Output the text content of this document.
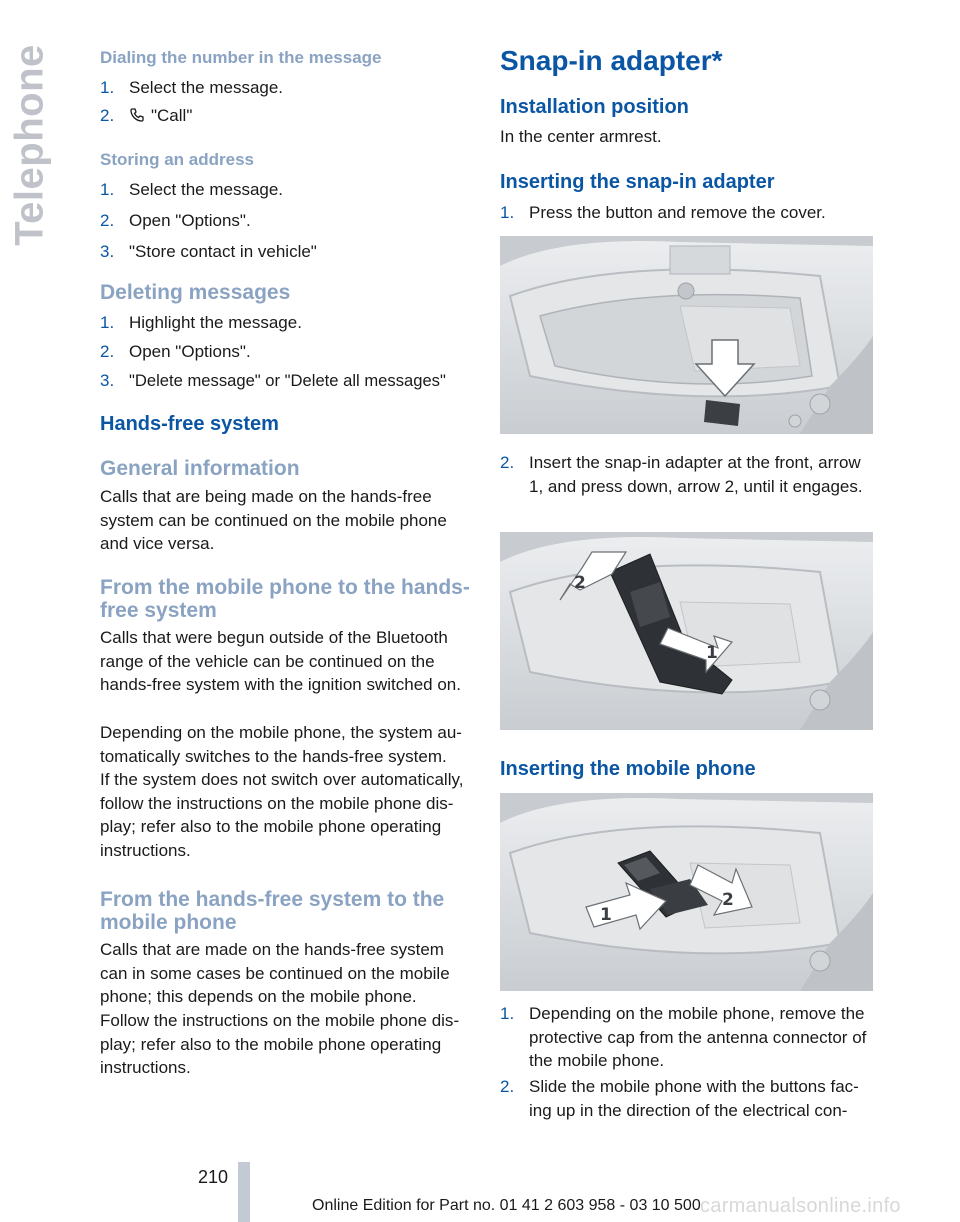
Telephone	Dialing the number in the message
1. Select the message.
2.	"Call"
Storing an address
1. Select the message.
2. Open "Options".
3. "Store contact in vehicle"
Deleting messages
1. Highlight the message.
2. Open "Options".
3. "Delete message" or "Delete all messages"
Hands-free system
General information
Calls that are being made on the hands-free system can be continued on the mobile phone and vice versa.
From the mobile phone to the hands-
free system
Calls that were begun outside of the Bluetooth range of the vehicle can be continued on the hands-free system with the ignition switched on.
Depending on the mobile phone, the system automatically switches to the hands-free system.
If the system does not switch over automatically, follow the instructions on the mobile phone display; refer also to the mobile phone operating instructions.
From the hands-free system to the
mobile phone
Calls that are made on the hands-free system can in some cases be continued on the mobile phone; this depends on the mobile phone.
Follow the instructions on the mobile phone display; refer also to the mobile phone operating instructions.
Snap-in adapter*
Installation position
In the center armrest.
Inserting the snap-in adapter
1. Press the button and remove the cover.
2. Insert the snap-in adapter at the front, arrow 1, and press down, arrow 2, until it engages.
2
1
Inserting the mobile phone
1
2
1. Depending on the mobile phone, remove the protective cap from the antenna connector of the mobile phone.
2. Slide the mobile phone with the buttons facing up in the direction of the electrical con-
210
Online Edition for Part no. 01 41 2 603 958 - 03 10 500 carmanualsonline.info
